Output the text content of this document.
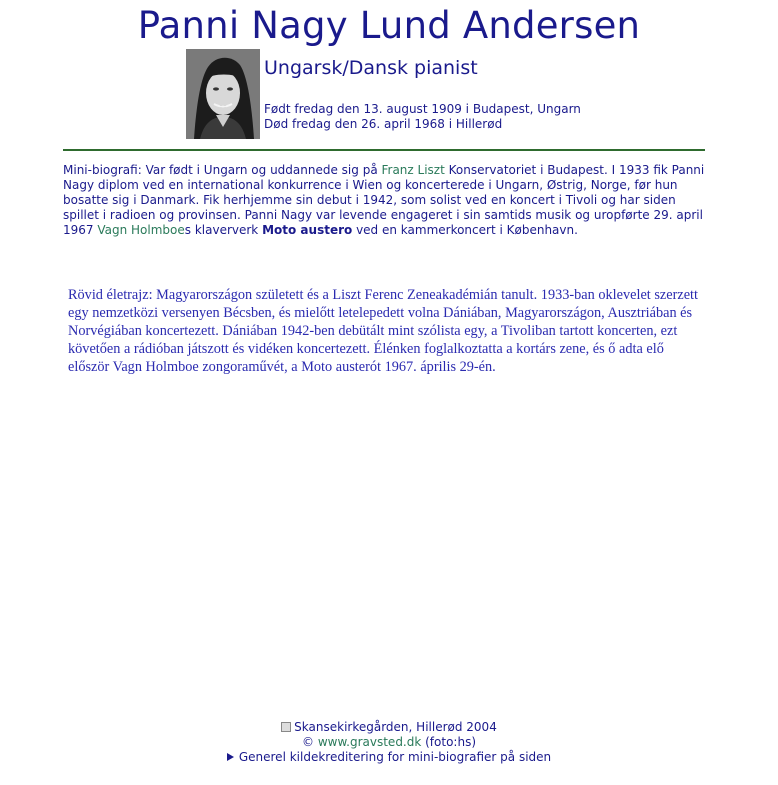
Panni Nagy Lund Andersen
Ungarsk/Dansk pianist
Født fredag den 13. august 1909 i Budapest, Ungarn
Død fredag den 26. april 1968 i Hillerød
Mini-biografi: Var født i Ungarn og uddannede sig på Franz Liszt Konservatoriet i Budapest. I 1933 fik Panni Nagy diplom ved en international konkurrence i Wien og koncerterede i Ungarn, Østrig, Norge, før hun bosatte sig i Danmark. Fik herhjemme sin debut i 1942, som solist ved en koncert i Tivoli og har siden spillet i radioen og provinsen. Panni Nagy var levende engageret i sin samtids musik og uropførte 29. april 1967 Vagn Holmboes klaververk Moto austero ved en kammerkoncert i København.
Rövid életrajz: Magyarországon született és a Liszt Ferenc Zeneakadémián tanult. 1933-ban oklevelet szerzett egy nemzetközi versenyen Bécsben, és mielőtt letelepedett volna Dániában, Magyarországon, Ausztriában és Norvégiában koncertezett. Dániában 1942-ben debütált mint szólista egy, a Tivoliban tartott koncerten, ezt követően a rádióban játszott és vidéken koncertezett. Élénken foglalkoztatta a kortárs zene, és ő adta elő először Vagn Holmboe zongoraművét, a Moto austerót 1967. április 29-én.
Skansekirkegården, Hillerød 2004
© www.gravsted.dk (foto:hs)
Generel kildekreditering for mini-biografier på siden
